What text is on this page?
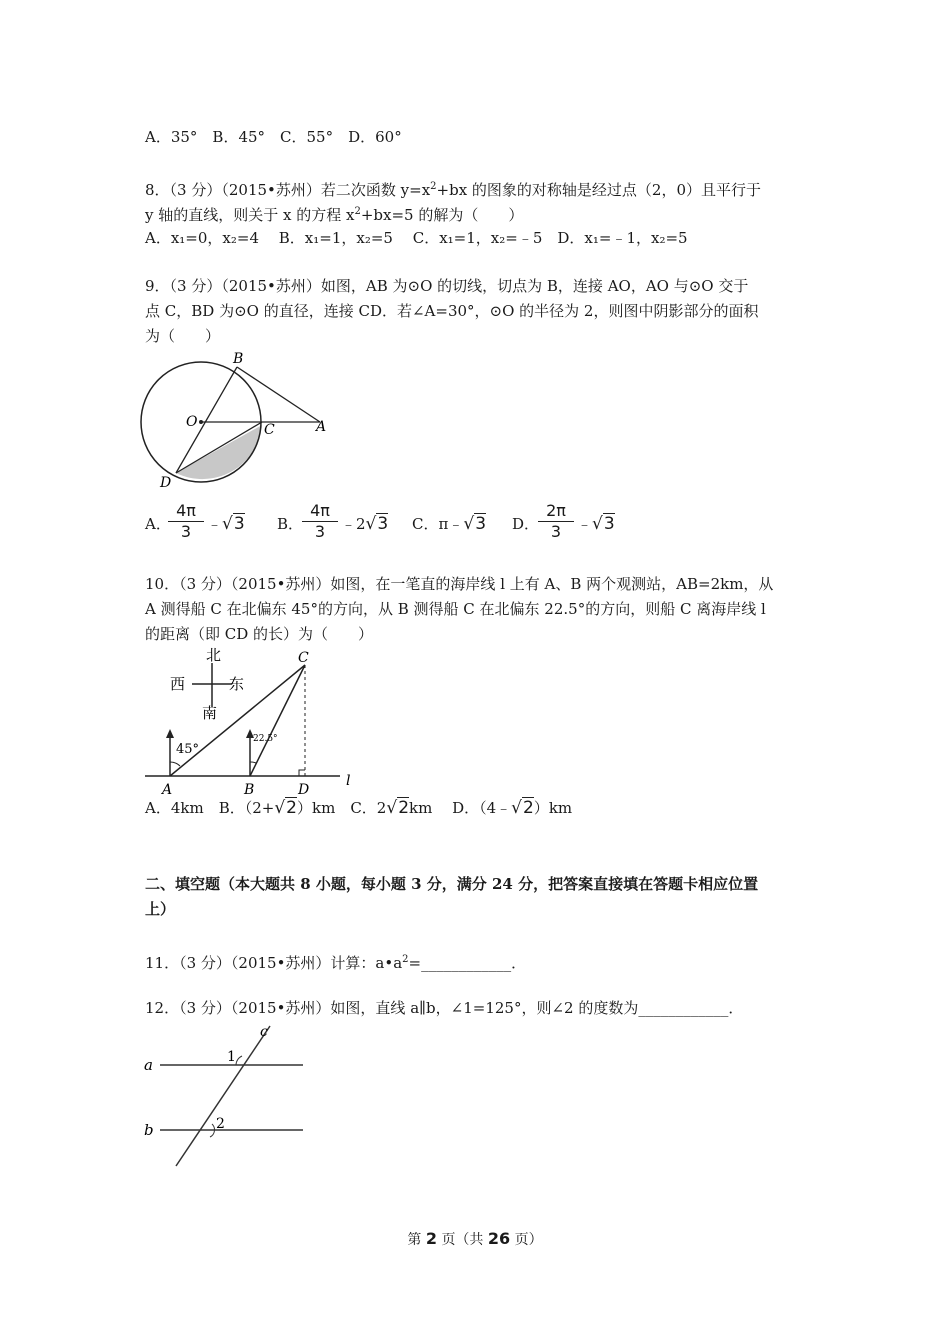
A．35°　B．45°　C．55°　D．60°
8．（3 分）（2015•苏州）若二次函数 $y=x^2+bx$ 的图象的对称轴是经过点（2，0）且平行于
y 轴的直线，则关于 x 的方程 $x^2+bx=5$ 的解为（　　）
A．x₁=0，x₂=4　 B．x₁=1，x₂=5　 C．x₁=1，x₂=﹣5　D．x₁=﹣1，x₂=5
9．（3 分）（2015•苏州）如图，AB 为⊙O 的切线，切点为 B，连接 AO，AO 与⊙O 交于
点 C，BD 为⊙O 的直径，连接 CD．若∠A=30°，⊙O 的半径为 2，则图中阴影部分的面积
为（　　）
B
O	C	A
D
A．
$\frac{4\pi}{3}$ ﹣√3 B．
$\frac{4\pi}{3}$ ﹣2√3 C．π﹣√3 D．
$\frac{2\pi}{3}$ ﹣√3
10．（3 分）（2015•苏州）如图，在一笔直的海岸线 l 上有 A、B 两个观测站，AB=2km，从
A 测得船 C 在北偏东 45°的方向，从 B 测得船 C 在北偏东 22.5°的方向，则船 C 离海岸线 l
的距离（即 CD 的长）为（　　）
北
西	东
南
45°
22.5°
C
A	B	D
l
A．4km　B．（2+√2）km　C．2√2km　 D．（4﹣√2）km
二、填空题（本大题共 8 小题，每小题 3 分，满分 24 分，把答案直接填在答题卡相应位置
上）
11．（3 分）（2015•苏州）计算：$a•a^2=\_\_\_\_\_\_\_\_\_\_\_\_$．
12．（3 分）（2015•苏州）如图，直线 a∥b，∠1=125°，则∠2 的度数为____________．
c
a
b
1
2
第 2 页（共 26 页）
